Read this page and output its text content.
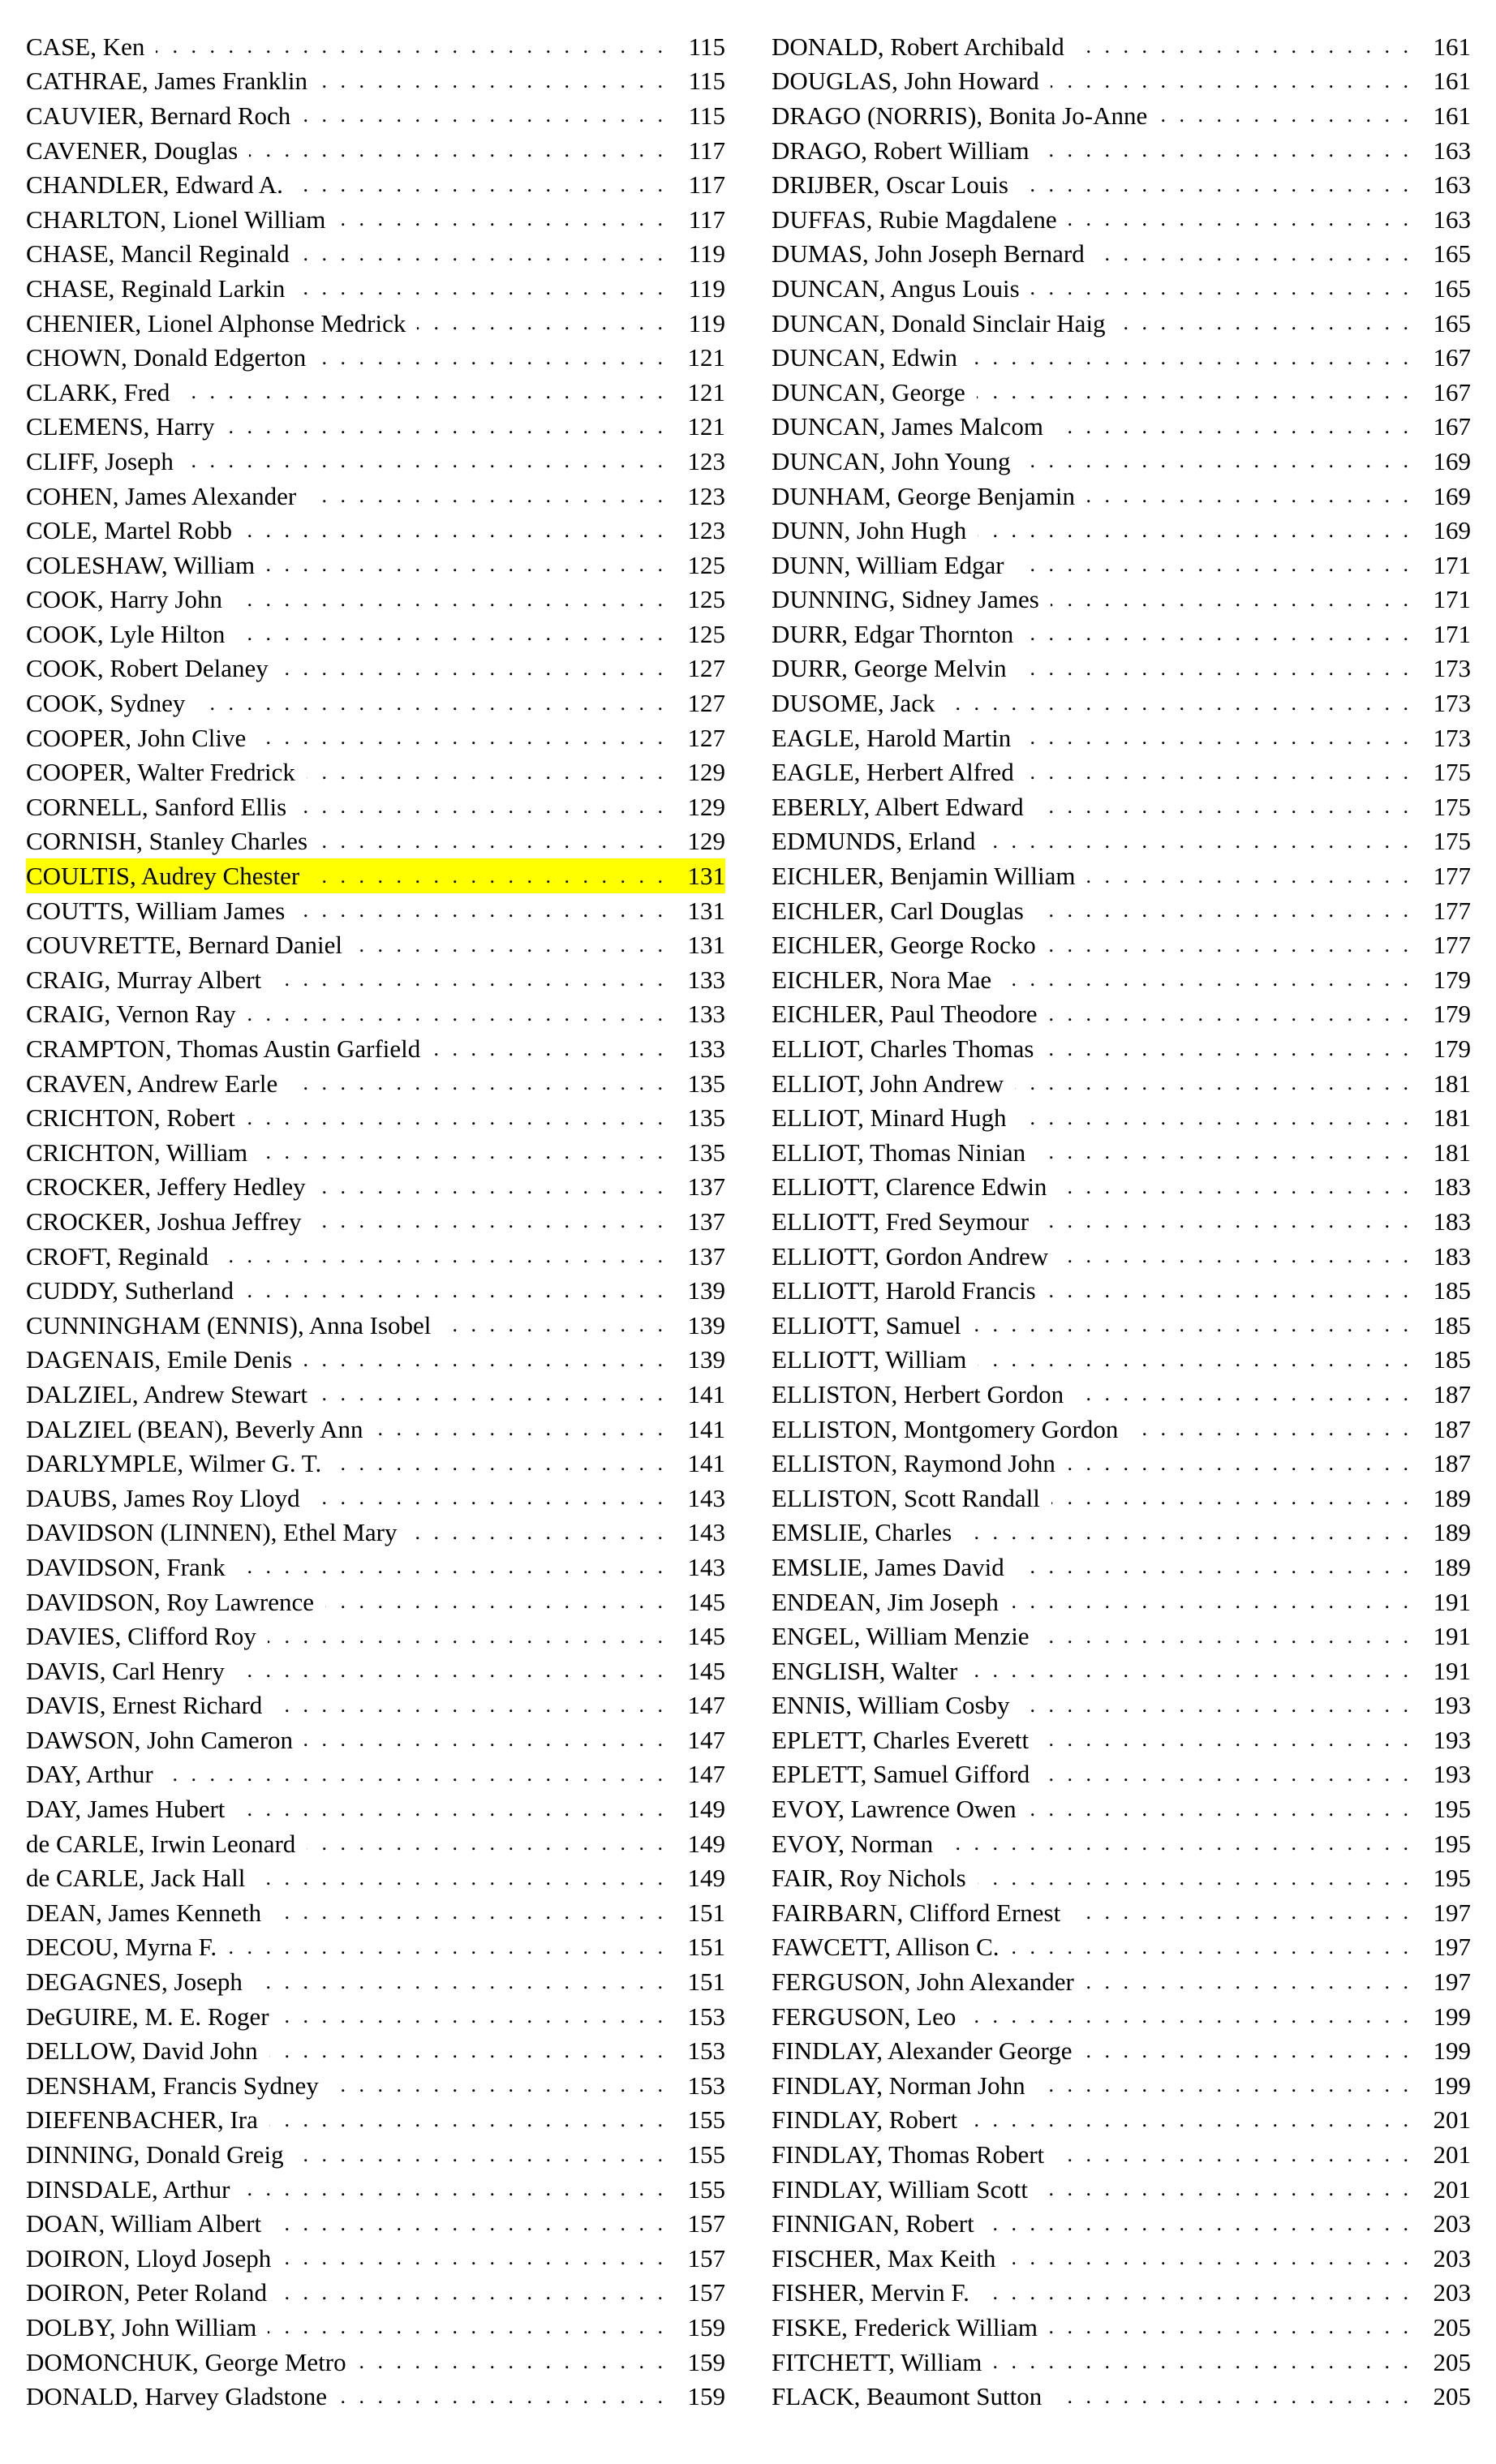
CASE, Ken . . .	115
CATHRAE, James Franklin . . .	115
CAUVIER, Bernard Roch . . .	115
CAVENER, Douglas . . .	117
CHANDLER, Edward A. . . .	117
CHARLTON, Lionel William . . .	117
CHASE, Mancil Reginald . . .	119
CHASE, Reginald Larkin . . .	119
CHENIER, Lionel Alphonse Medrick . . .	119
CHOWN, Donald Edgerton . . .	121
CLARK, Fred . . .	121
CLEMENS, Harry . . .	121
CLIFF, Joseph . . .	123
COHEN, James Alexander . . .	123
COLE, Martel Robb . . .	123
COLESHAW, William . . .	125
COOK, Harry John . . .	125
COOK, Lyle Hilton . . .	125
COOK, Robert Delaney . . .	127
COOK, Sydney . . .	127
COOPER, John Clive . . .	127
COOPER, Walter Fredrick . . .	129
CORNELL, Sanford Ellis . . .	129
CORNISH, Stanley Charles . . .	129
COULTIS, Audrey Chester . . .	131
COUTTS, William James . . .	131
COUVRETTE, Bernard Daniel . . .	131
CRAIG, Murray Albert . . .	133
CRAIG, Vernon Ray . . .	133
CRAMPTON, Thomas Austin Garfield . . .	133
CRAVEN, Andrew Earle . . .	135
CRICHTON, Robert . . .	135
CRICHTON, William . . .	135
CROCKER, Jeffery Hedley . . .	137
CROCKER, Joshua Jeffrey . . .	137
CROFT, Reginald . . .	137
CUDDY, Sutherland . . .	139
CUNNINGHAM (ENNIS), Anna Isobel . . .	139
DAGENAIS, Emile Denis . . .	139
DALZIEL, Andrew Stewart . . .	141
DALZIEL (BEAN), Beverly Ann . . .	141
DARLYMPLE, Wilmer G. T. . . .	141
DAUBS, James Roy Lloyd . . .	143
DAVIDSON (LINNEN), Ethel Mary . . .	143
DAVIDSON, Frank . . .	143
DAVIDSON, Roy Lawrence . . .	145
DAVIES, Clifford Roy . . .	145
DAVIS, Carl Henry . . .	145
DAVIS, Ernest Richard . . .	147
DAWSON, John Cameron . . .	147
DAY, Arthur . . .	147
DAY, James Hubert . . .	149
de CARLE, Irwin Leonard . . .	149
de CARLE, Jack Hall . . .	149
DEAN, James Kenneth . . .	151
DECOU, Myrna F. . . .	151
DEGAGNES, Joseph . . .	151
DeGUIRE, M. E. Roger . . .	153
DELLOW, David John . . .	153
DENSHAM, Francis Sydney . . .	153
DIEFENBACHER, Ira . . .	155
DINNING, Donald Greig . . .	155
DINSDALE, Arthur . . .	155
DOAN, William Albert . . .	157
DOIRON, Lloyd Joseph . . .	157
DOIRON, Peter Roland . . .	157
DOLBY, John William . . .	159
DOMONCHUK, George Metro . . .	159
DONALD, Harvey Gladstone . . .	159
DONALD, Robert Archibald . . .	161
DOUGLAS, John Howard . . .	161
DRAGO (NORRIS), Bonita Jo-Anne . . .	161
DRAGO, Robert William . . .	163
DRIJBER, Oscar Louis . . .	163
DUFFAS, Rubie Magdalene . . .	163
DUMAS, John Joseph Bernard . . .	165
DUNCAN, Angus Louis . . .	165
DUNCAN, Donald Sinclair Haig . . .	165
DUNCAN, Edwin . . .	167
DUNCAN, George . . .	167
DUNCAN, James Malcom . . .	167
DUNCAN, John Young . . .	169
DUNHAM, George Benjamin . . .	169
DUNN, John Hugh . . .	169
DUNN, William Edgar . . .	171
DUNNING, Sidney James . . .	171
DURR, Edgar Thornton . . .	171
DURR, George Melvin . . .	173
DUSOME, Jack . . .	173
EAGLE, Harold Martin . . .	173
EAGLE, Herbert Alfred . . .	175
EBERLY, Albert Edward . . .	175
EDMUNDS, Erland . . .	175
EICHLER, Benjamin William . . .	177
EICHLER, Carl Douglas . . .	177
EICHLER, George Rocko . . .	177
EICHLER, Nora Mae . . .	179
EICHLER, Paul Theodore . . .	179
ELLIOT, Charles Thomas . . .	179
ELLIOT, John Andrew . . .	181
ELLIOT, Minard Hugh . . .	181
ELLIOT, Thomas Ninian . . .	181
ELLIOTT, Clarence Edwin . . .	183
ELLIOTT, Fred Seymour . . .	183
ELLIOTT, Gordon Andrew . . .	183
ELLIOTT, Harold Francis . . .	185
ELLIOTT, Samuel . . .	185
ELLIOTT, William . . .	185
ELLISTON, Herbert Gordon . . .	187
ELLISTON, Montgomery Gordon . . .	187
ELLISTON, Raymond John . . .	187
ELLISTON, Scott Randall . . .	189
EMSLIE, Charles . . .	189
EMSLIE, James David . . .	189
ENDEAN, Jim Joseph . . .	191
ENGEL, William Menzie . . .	191
ENGLISH, Walter . . .	191
ENNIS, William Cosby . . .	193
EPLETT, Charles Everett . . .	193
EPLETT, Samuel Gifford . . .	193
EVOY, Lawrence Owen . . .	195
EVOY, Norman . . .	195
FAIR, Roy Nichols . . .	195
FAIRBARN, Clifford Ernest . . .	197
FAWCETT, Allison C. . . .	197
FERGUSON, John Alexander . . .	197
FERGUSON, Leo . . .	199
FINDLAY, Alexander George . . .	199
FINDLAY, Norman John . . .	199
FINDLAY, Robert . . .	201
FINDLAY, Thomas Robert . . .	201
FINDLAY, William Scott . . .	201
FINNIGAN, Robert . . .	203
FISCHER, Max Keith . . .	203
FISHER, Mervin F. . . .	203
FISKE, Frederick William . . .	205
FITCHETT, William . . .	205
FLACK, Beaumont Sutton . . .	205
